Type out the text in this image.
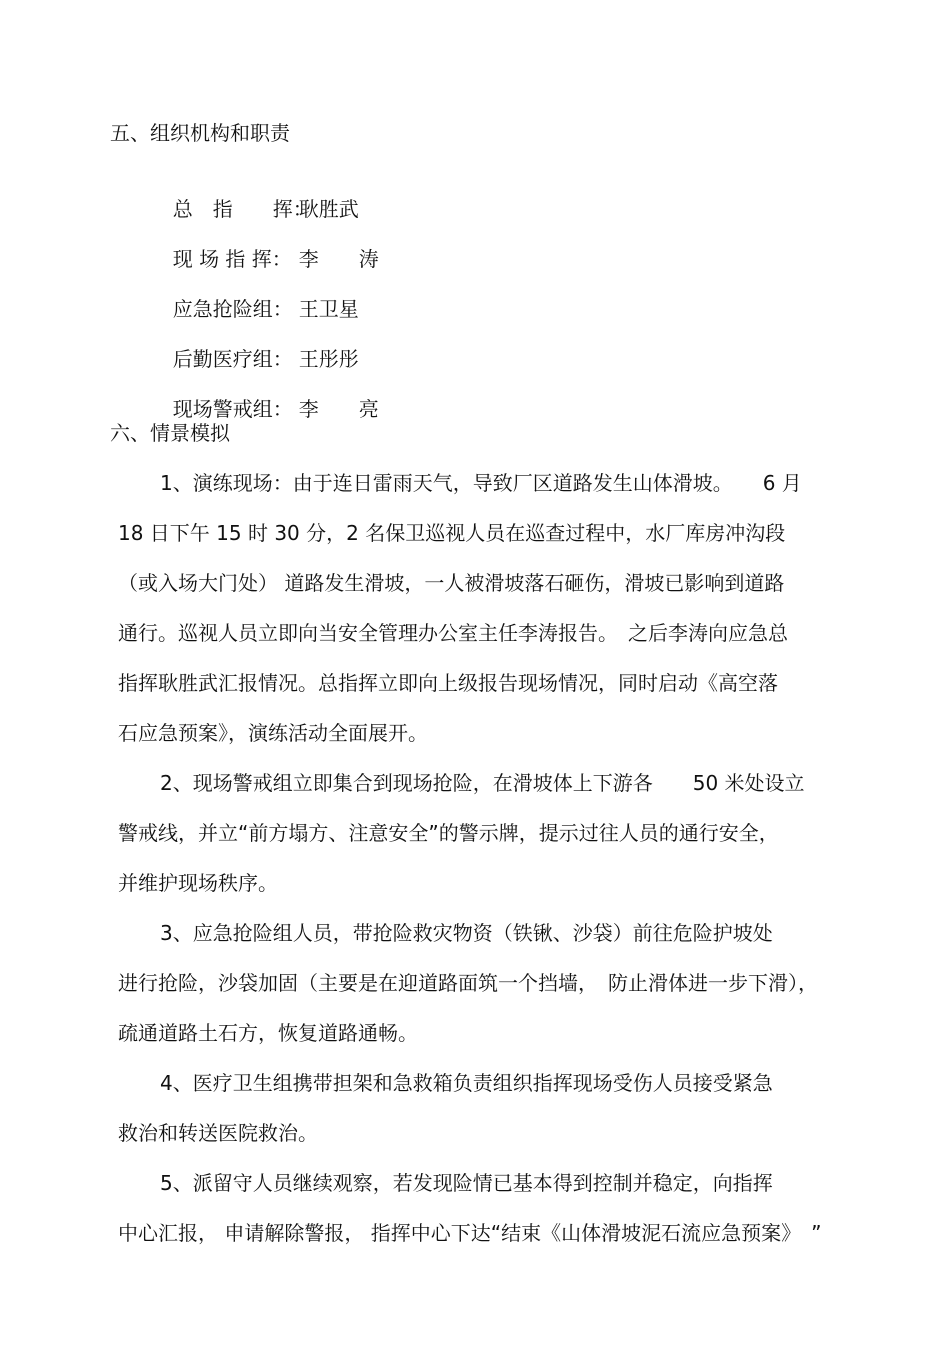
五、组织机构和职责

总　指　　挥：耿胜武

现 场 指 挥： 李　　涛

应急抢险组： 王卫星

后勤医疗组： 王彤彤

现场警戒组： 李　　亮

六、情景模拟
1、演练现场：由于连日雷雨天气，导致厂区道路发生山体滑坡。　　6 月
18 日下午 15 时 30 分，2 名保卫巡视人员在巡查过程中，水厂库房冲沟段
（或入场大门处） 道路发生滑坡，一人被滑坡落石砸伤，滑坡已影响到道路
通行。巡视人员立即向当安全管理办公室主任李涛报告。　之后李涛向应急总
指挥耿胜武汇报情况。总指挥立即向上级报告现场情况，同时启动《高空落
石应急预案》，演练活动全面展开。
2、现场警戒组立即集合到现场抢险，在滑坡体上下游各　　50 米处设立
警戒线，并立“前方塌方、注意安全”的警示牌，提示过往人员的通行安全，
并维护现场秩序。
3、应急抢险组人员，带抢险救灾物资（铁锹、沙袋）前往危险护坡处
进行抢险，沙袋加固（主要是在迎道路面筑一个挡墙，　防止滑体进一步下滑），
疏通道路土石方，恢复道路通畅。
4、医疗卫生组携带担架和急救箱负责组织指挥现场受伤人员接受紧急
救治和转送医院救治。
5、派留守人员继续观察，若发现险情已基本得到控制并稳定，向指挥
中心汇报， 申请解除警报， 指挥中心下达“结束《山体滑坡泥石流应急预案》　”
